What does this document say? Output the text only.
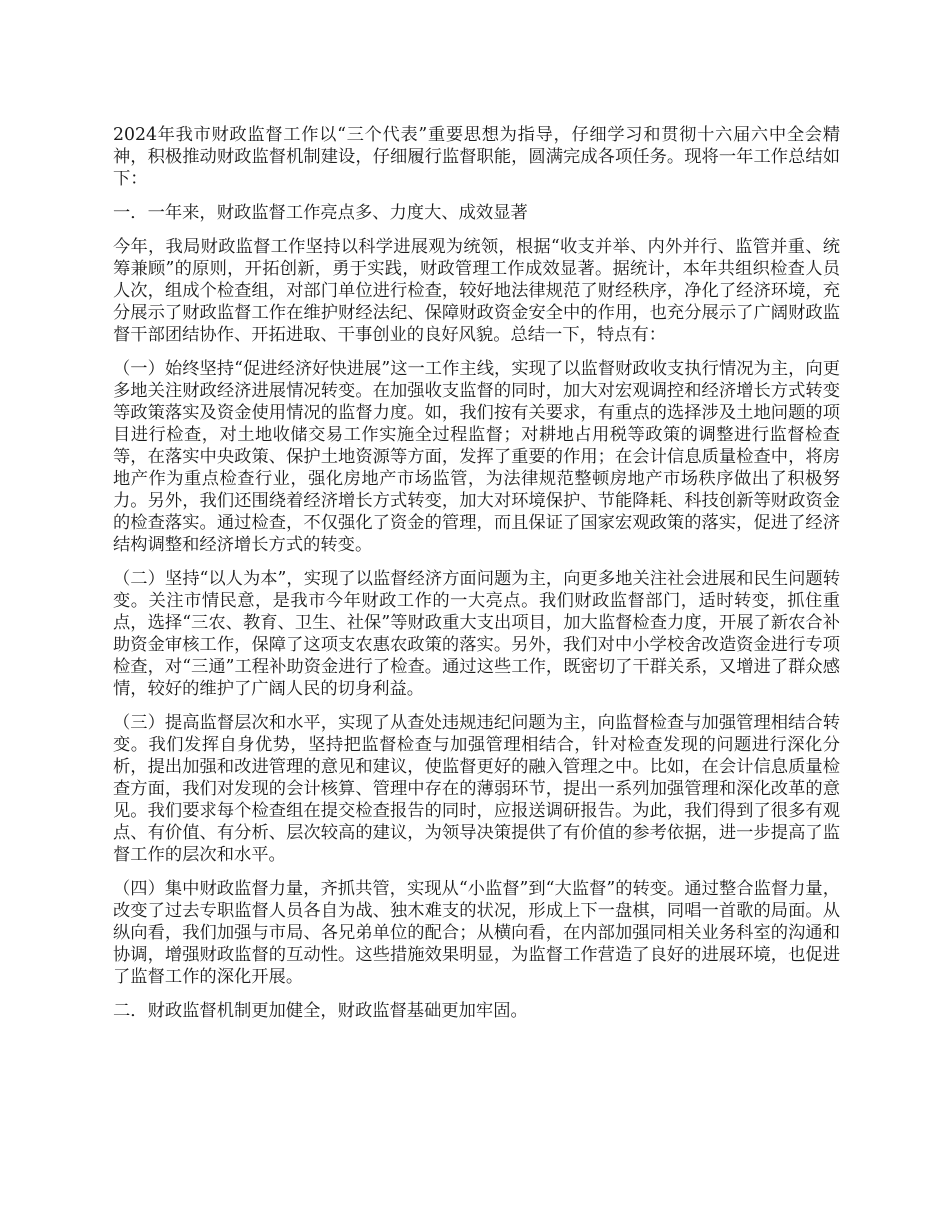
2024年我市财政监督工作以“三个代表”重要思想为指导，仔细学习和贯彻十六届六中全会精神，积极推动财政监督机制建设，仔细履行监督职能，圆满完成各项任务。现将一年工作总结如下：

一．一年来，财政监督工作亮点多、力度大、成效显著

今年，我局财政监督工作坚持以科学进展观为统领，根据“收支并举、内外并行、监管并重、统筹兼顾”的原则，开拓创新，勇于实践，财政管理工作成效显著。据统计，本年共组织检查人员人次，组成个检查组，对部门单位进行检查，较好地法律规范了财经秩序，净化了经济环境，充分展示了财政监督工作在维护财经法纪、保障财政资金安全中的作用，也充分展示了广阔财政监督干部团结协作、开拓进取、干事创业的良好风貌。总结一下，特点有：

（一）始终坚持“促进经济好快进展”这一工作主线，实现了以监督财政收支执行情况为主，向更多地关注财政经济进展情况转变。在加强收支监督的同时，加大对宏观调控和经济增长方式转变等政策落实及资金使用情况的监督力度。如，我们按有关要求，有重点的选择涉及土地问题的项目进行检查，对土地收储交易工作实施全过程监督；对耕地占用税等政策的调整进行监督检查等，在落实中央政策、保护土地资源等方面，发挥了重要的作用；在会计信息质量检查中，将房地产作为重点检查行业，强化房地产市场监管，为法律规范整顿房地产市场秩序做出了积极努力。另外，我们还围绕着经济增长方式转变，加大对环境保护、节能降耗、科技创新等财政资金的检查落实。通过检查，不仅强化了资金的管理，而且保证了国家宏观政策的落实，促进了经济结构调整和经济增长方式的转变。

（二）坚持“以人为本”，实现了以监督经济方面问题为主，向更多地关注社会进展和民生问题转变。关注市情民意，是我市今年财政工作的一大亮点。我们财政监督部门，适时转变，抓住重点，选择“三农、教育、卫生、社保”等财政重大支出项目，加大监督检查力度，开展了新农合补助资金审核工作，保障了这项支农惠农政策的落实。另外，我们对中小学校舍改造资金进行专项检查，对“三通”工程补助资金进行了检查。通过这些工作，既密切了干群关系，又增进了群众感情，较好的维护了广阔人民的切身利益。

（三）提高监督层次和水平，实现了从查处违规违纪问题为主，向监督检查与加强管理相结合转变。我们发挥自身优势，坚持把监督检查与加强管理相结合，针对检查发现的问题进行深化分析，提出加强和改进管理的意见和建议，使监督更好的融入管理之中。比如，在会计信息质量检查方面，我们对发现的会计核算、管理中存在的薄弱环节，提出一系列加强管理和深化改革的意见。我们要求每个检查组在提交检查报告的同时，应报送调研报告。为此，我们得到了很多有观点、有价值、有分析、层次较高的建议，为领导决策提供了有价值的参考依据，进一步提高了监督工作的层次和水平。

（四）集中财政监督力量，齐抓共管，实现从“小监督”到“大监督”的转变。通过整合监督力量，改变了过去专职监督人员各自为战、独木难支的状况，形成上下一盘棋，同唱一首歌的局面。从纵向看，我们加强与市局、各兄弟单位的配合；从横向看，在内部加强同相关业务科室的沟通和协调，增强财政监督的互动性。这些措施效果明显，为监督工作营造了良好的进展环境，也促进了监督工作的深化开展。

二．财政监督机制更加健全，财政监督基础更加牢固。
